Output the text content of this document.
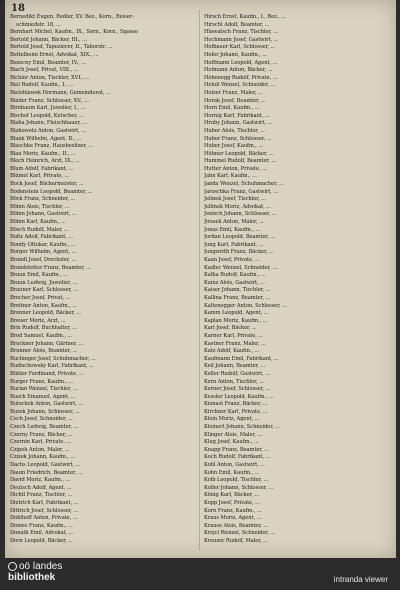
18
Bernedikt Eugen, Redler, XV. Bez., Korn., Reiser-
schmiedstr. 18, ...
Bernhart Michel, Kaufm., IX., Sorn., Korn., Sgasse
Bertold Johann, Bäcker, III., ...
Bertold Josef, Tapezierer, II., Taborstr. ...
Bettelheim Ernst, Advokat, XIX., ...
Bezecny Emil, Beamter, IV., ...
Biach Josef, Privat, VIII., ...
Bichler Anton, Tischler, XVI., ...
Biel Rudolf, Kaufm., I., ...
Bielohlawek Hermann, Gemeinderat, ...
Binder Franz, Schlosser, XV., ...
Birnbaum Karl, Juwelier, I., ...
Bischof Leopold, Kutscher, ...
Blaha Johann, Fleischhauer, ...
Blahowetz Anton, Gastwirt, ...
Blank Wilhelm, Agent, II., ...
Blaschke Franz, Hausbesitzer, ...
Blau Moriz, Kaufm., II., ...
Bloch Heinrich, Arzt, IX., ...
Blum Adolf, Fabrikant, ...
Blümel Karl, Private, ...
Bock Josef, Bäckermeister, ...
Bodenstein Leopold, Beamter, ...
Böck Franz, Schneider, ...
Böhm Alois, Tischler, ...
Böhm Johann, Gastwirt, ...
Böhm Karl, Kaufm., ...
Bösch Rudolf, Maler, ...
Boltz Adolf, Fabrikant, ...
Bondy Ottokar, Kaufm., ...
Borger Wilhelm, Agent, ...
Brandl Josef, Drechsler, ...
Brandstetter Franz, Beamter, ...
Braun Emil, Kaufm., ...
Braun Ludwig, Juwelier, ...
Brauner Karl, Schlosser, ...
Brecher Josef, Privat, ...
Breitner Anton, Kaufm., ...
Brenner Leopold, Bäcker, ...
Breuer Moriz, Arzt, ...
Brix Rudolf, Buchhalter, ...
Brod Samuel, Kaufm., ...
Bruckner Johann, Gärtner, ...
Brunner Alois, Beamter, ...
Buchinger Josef, Schuhmacher, ...
Budischowsky Karl, Fabrikant, ...
Bühler Ferdinand, Private, ...
Burger Franz, Kaufm., ...
Burian Wenzel, Tischler, ...
Busch Emanuel, Agent, ...
Butschek Anton, Gastwirt, ...
Buzek Johann, Schlosser, ...
Cech Josef, Schneider, ...
Czech Ludwig, Beamter, ...
Czerny Franz, Bäcker, ...
Czernin Karl, Private, ...
Czipek Anton, Maler, ...
Czizek Johann, Kaufm., ...
Dachs Leopold, Gastwirt, ...
Daum Friedrich, Beamter, ...
David Moriz, Kaufm., ...
Deutsch Adolf, Agent, ...
Dichtl Franz, Tischler, ...
Dietrich Karl, Fabrikant, ...
Dittrich Josef, Schlosser, ...
Doblhoff Anton, Private, ...
Domes Franz, Kaufm., ...
Donath Emil, Advokat, ...
Dorn Leopold, Bäcker, ...
Hirsch Ernst, Kaufm., I., Bez., ...
Hirschl Adolf, Beamter, ...
Hlawatsch Franz, Tischler, ...
Hochmann Josef, Gastwirt, ...
Hofbauer Karl, Schlosser, ...
Hofer Johann, Kaufm., ...
Hoffmann Leopold, Agent, ...
Hofmann Anton, Bäcker, ...
Hohenegg Rudolf, Private, ...
Holub Wenzel, Schneider, ...
Holzer Franz, Maler, ...
Horak Josef, Beamter, ...
Horn Emil, Kaufm., ...
Hornig Karl, Fabrikant, ...
Hruby Johann, Gastwirt, ...
Huber Alois, Tischler, ...
Huber Franz, Schlosser, ...
Huber Josef, Kaufm., ...
Hübner Leopold, Bäcker, ...
Hummel Rudolf, Beamter, ...
Hutter Anton, Private, ...
Jahn Karl, Kaufm., ...
Janda Wenzel, Schuhmacher, ...
Jaroschka Franz, Gastwirt, ...
Jelinek Josef, Tischler, ...
Jellinek Moriz, Advokat, ...
Jenisch Johann, Schlosser, ...
Jirasek Anton, Maler, ...
Jonas Emil, Kaufm., ...
Jordan Leopold, Beamter, ...
Jung Karl, Fabrikant, ...
Jungwirth Franz, Bäcker, ...
Kaan Josef, Private, ...
Kadlec Wenzel, Schneider, ...
Kafka Rudolf, Kaufm., ...
Kainz Alois, Gastwirt, ...
Kaiser Johann, Tischler, ...
Kallina Franz, Beamter, ...
Kaltenegger Anton, Schlosser, ...
Kamm Leopold, Agent, ...
Kaplan Moriz, Kaufm., ...
Karl Josef, Bäcker, ...
Karner Karl, Private, ...
Kastner Franz, Maler, ...
Katz Adolf, Kaufm., ...
Kaufmann Emil, Fabrikant, ...
Keil Johann, Beamter, ...
Keller Rudolf, Gastwirt, ...
Kern Anton, Tischler, ...
Kerner Josef, Schlosser, ...
Kessler Leopold, Kaufm., ...
Kienast Franz, Bäcker, ...
Kirchner Karl, Private, ...
Klein Moriz, Agent, ...
Kleinert Johann, Schneider, ...
Klinger Alois, Maler, ...
Klug Josef, Kaufm., ...
Knapp Franz, Beamter, ...
Koch Rudolf, Fabrikant, ...
Kohl Anton, Gastwirt, ...
Kohn Emil, Kaufm., ...
Kolb Leopold, Tischler, ...
Koller Johann, Schlosser, ...
König Karl, Bäcker, ...
Kopp Josef, Private, ...
Korn Franz, Kaufm., ...
Kraus Moriz, Agent, ...
Krause Alois, Beamter, ...
Krejci Wenzel, Schneider, ...
Kreuzer Rudolf, Maler, ...
oö landes
bibliothek	intranda viewer
